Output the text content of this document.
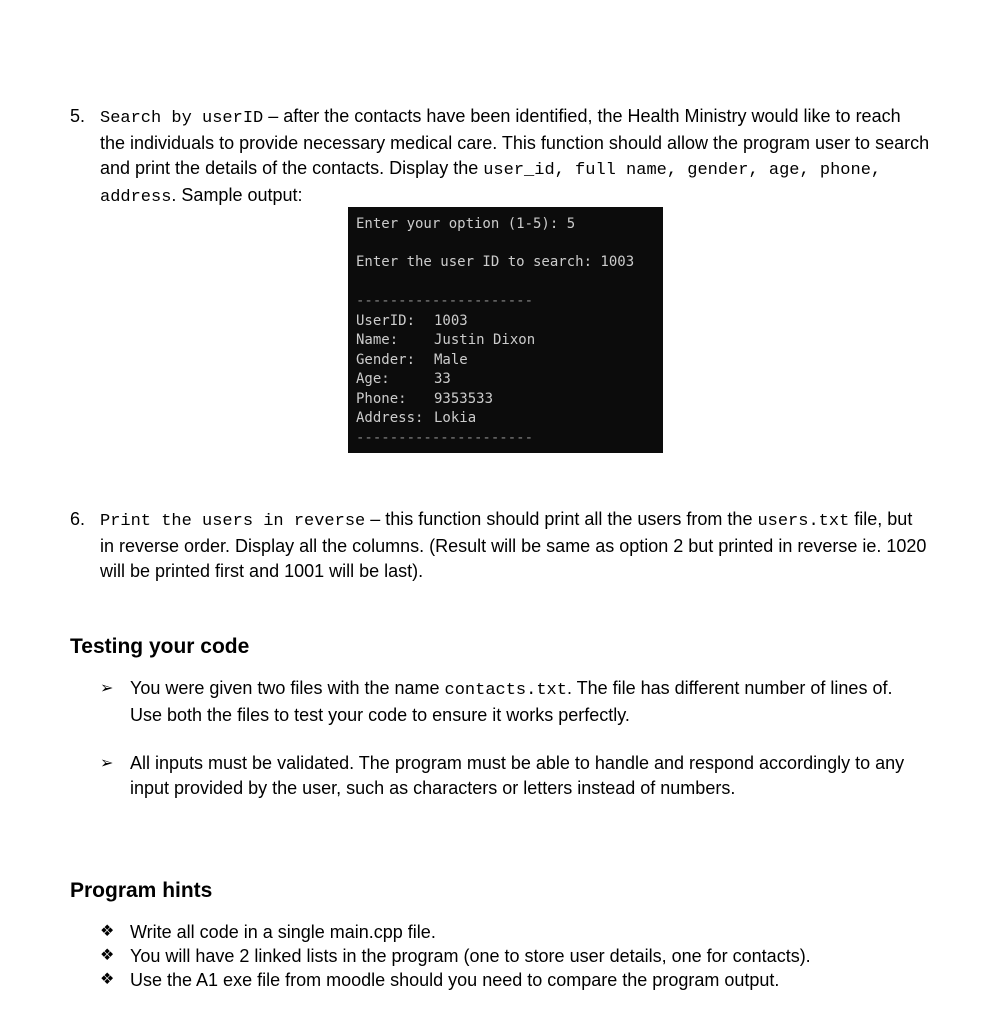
5. Search by userID – after the contacts have been identified, the Health Ministry would like to reach the individuals to provide necessary medical care. This function should allow the program user to search and print the details of the contacts. Display the user_id, full name, gender, age, phone, address. Sample output:
Enter your option (1-5): 5
Enter the user ID to search: 1003
---------------------
UserID: 1003
Name:	Justin Dixon
Gender: Male
Age:	33
Phone: 9353533
Address: Lokia
---------------------
6. Print the users in reverse – this function should print all the users from the users.txt file, but in reverse order. Display all the columns. (Result will be same as option 2 but printed in reverse ie. 1020 will be printed first and 1001 will be last).
Testing your code
➢ You were given two files with the name contacts.txt. The file has different number of lines of. Use both the files to test your code to ensure it works perfectly.
➢ All inputs must be validated. The program must be able to handle and respond accordingly to any input provided by the user, such as characters or letters instead of numbers.
Program hints
❖ Write all code in a single main.cpp file.
❖ You will have 2 linked lists in the program (one to store user details, one for contacts).
❖ Use the A1 exe file from moodle should you need to compare the program output.
